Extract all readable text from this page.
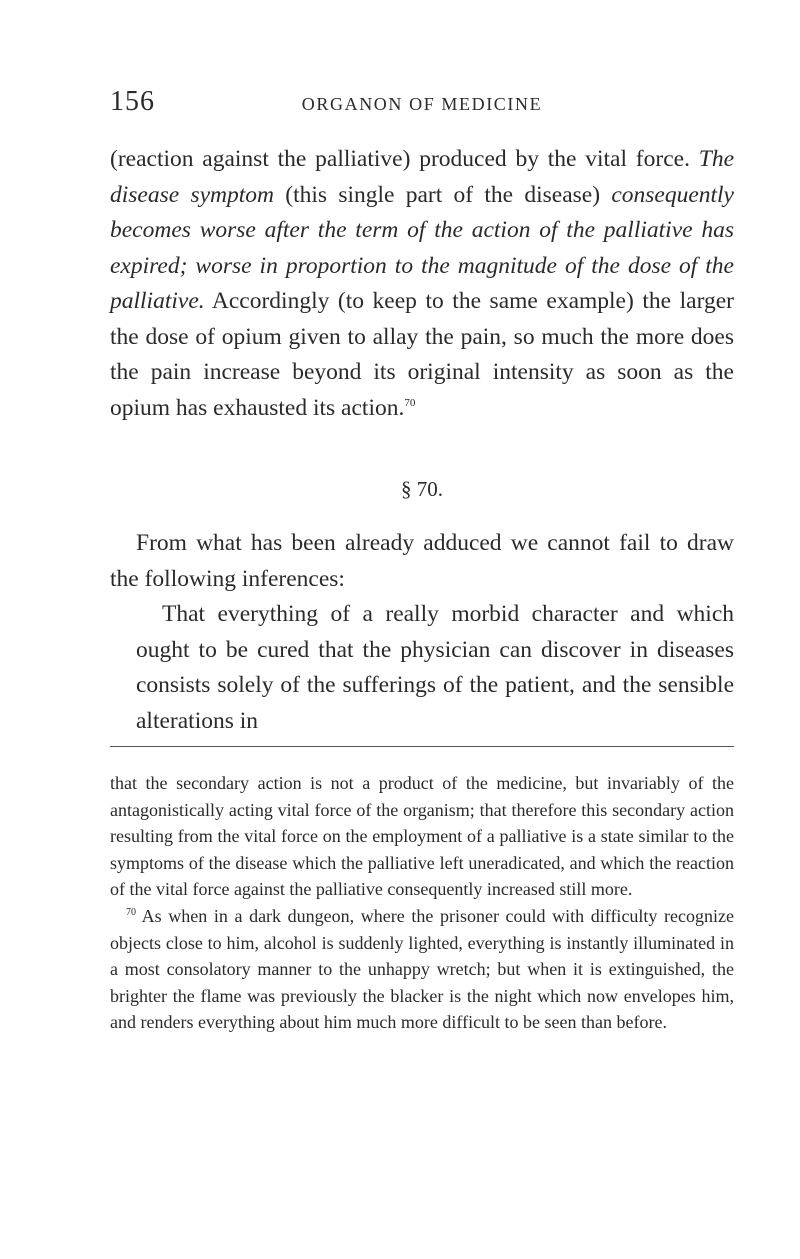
156	ORGANON OF MEDICINE

(reaction against the palliative) produced by the vital force. The disease symptom (this single part of the disease) consequently becomes worse after the term of the action of the palliative has expired; worse in proportion to the magnitude of the dose of the palliative. Accordingly (to keep to the same example) the larger the dose of opium given to allay the pain, so much the more does the pain increase beyond its original intensity as soon as the opium has exhausted its action.$^{70}$

§ 70.

From what has been already adduced we cannot fail to draw the following inferences:

That everything of a really morbid character and which ought to be cured that the physician can discover in diseases consists solely of the sufferings of the patient, and the sensible alterations in

that the secondary action is not a product of the medicine, but invariably of the antagonistically acting vital force of the organism; that therefore this secondary action resulting from the vital force on the employment of a palliative is a state similar to the symptoms of the disease which the palliative left uneradicated, and which the reaction of the vital force against the palliative consequently increased still more.

$^{70}$ As when in a dark dungeon, where the prisoner could with difficulty recognize objects close to him, alcohol is suddenly lighted, everything is instantly illuminated in a most consolatory manner to the unhappy wretch; but when it is extinguished, the brighter the flame was previously the blacker is the night which now envelopes him, and renders everything about him much more difficult to be seen than before.
